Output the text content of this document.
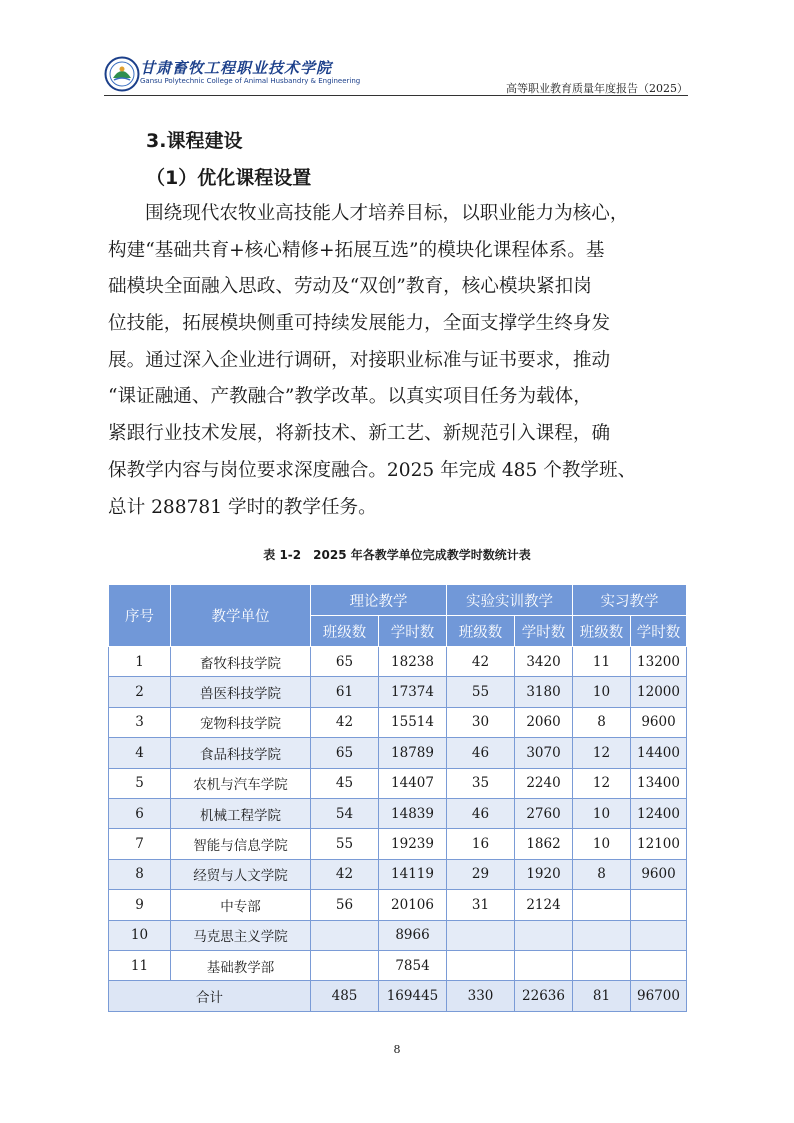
甘肃畜牧工程职业技术学院
Gansu Polytechnic College of Animal Husbandry & Engineering
高等职业教育质量年度报告（2025）
3.课程建设
（1）优化课程设置
围绕现代农牧业高技能人才培养目标，以职业能力为核心，
构建“基础共育+核心精修+拓展互选”的模块化课程体系。基
础模块全面融入思政、劳动及“双创”教育，核心模块紧扣岗
位技能，拓展模块侧重可持续发展能力，全面支撑学生终身发
展。通过深入企业进行调研，对接职业标准与证书要求，推动
“课证融通、产教融合”教学改革。以真实项目任务为载体，
紧跟行业技术发展，将新技术、新工艺、新规范引入课程，确
保教学内容与岗位要求深度融合。2025 年完成 485 个教学班、
总计 288781 学时的教学任务。
表 1-2　2025 年各教学单位完成教学时数统计表
序号	教学单位	理论教学		实验实训教学		实习教学	
		班级数	学时数	班级数	学时数	班级数	学时数
1	畜牧科技学院	65	18238	42	3420	11	13200
2	兽医科技学院	61	17374	55	3180	10	12000
3	宠物科技学院	42	15514	30	2060	8	9600
4	食品科技学院	65	18789	46	3070	12	14400
5	农机与汽车学院	45	14407	35	2240	12	13400
6	机械工程学院	54	14839	46	2760	10	12400
7	智能与信息学院	55	19239	16	1862	10	12100
8	经贸与人文学院	42	14119	29	1920	8	9600
9	中专部	56	20106	31	2124		
10	马克思主义学院		8966				
11	基础教学部		7854				
合计		485	169445	330	22636	81	96700
8
